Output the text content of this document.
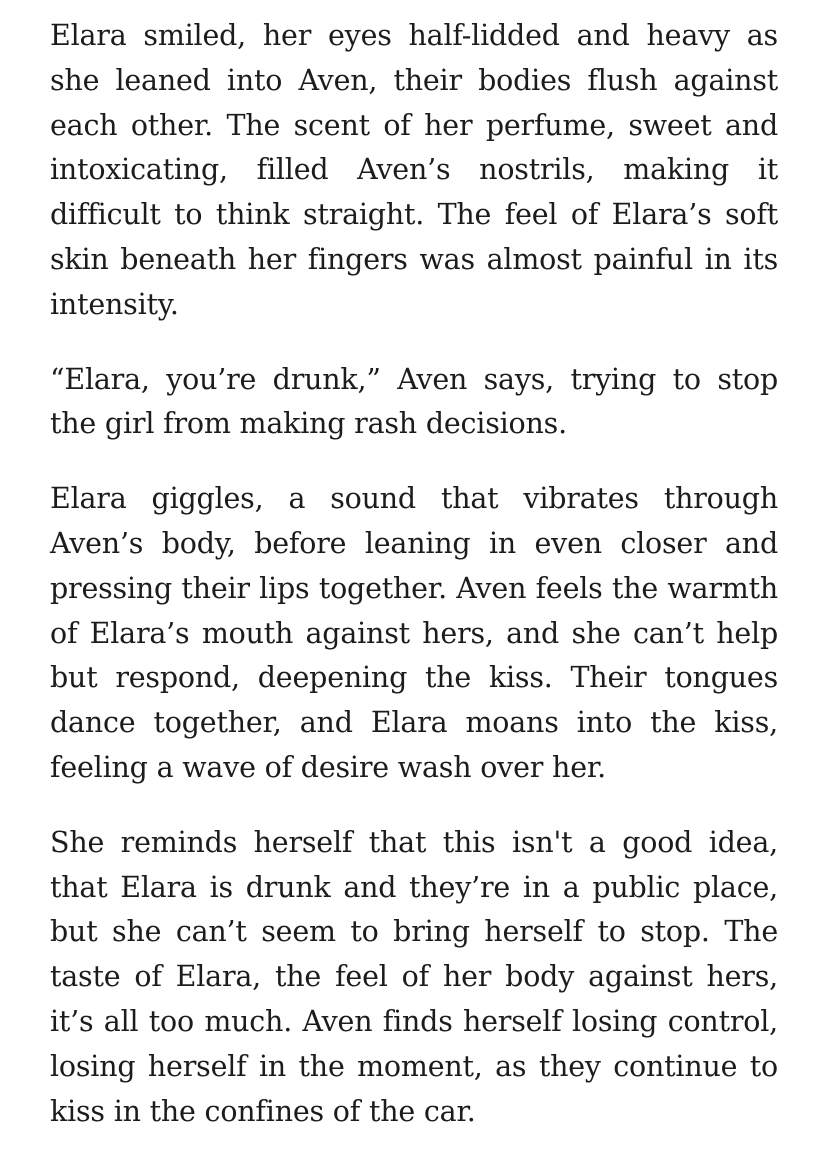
Elara smiled, her eyes half-lidded and heavy as she leaned into Aven, their bodies flush against each other. The scent of her perfume, sweet and intoxicating, filled Aven’s nostrils, making it difficult to think straight. The feel of Elara’s soft skin beneath her fingers was almost painful in its intensity.

“Elara, you’re drunk,” Aven says, trying to stop the girl from making rash decisions.

Elara giggles, a sound that vibrates through Aven’s body, before leaning in even closer and pressing their lips together. Aven feels the warmth of Elara’s mouth against hers, and she can’t help but respond, deepening the kiss. Their tongues dance together, and Elara moans into the kiss, feeling a wave of desire wash over her.

She reminds herself that this isn't a good idea, that Elara is drunk and they’re in a public place, but she can’t seem to bring herself to stop. The taste of Elara, the feel of her body against hers, it’s all too much. Aven finds herself losing control, losing herself in the moment, as they continue to kiss in the confines of the car.
